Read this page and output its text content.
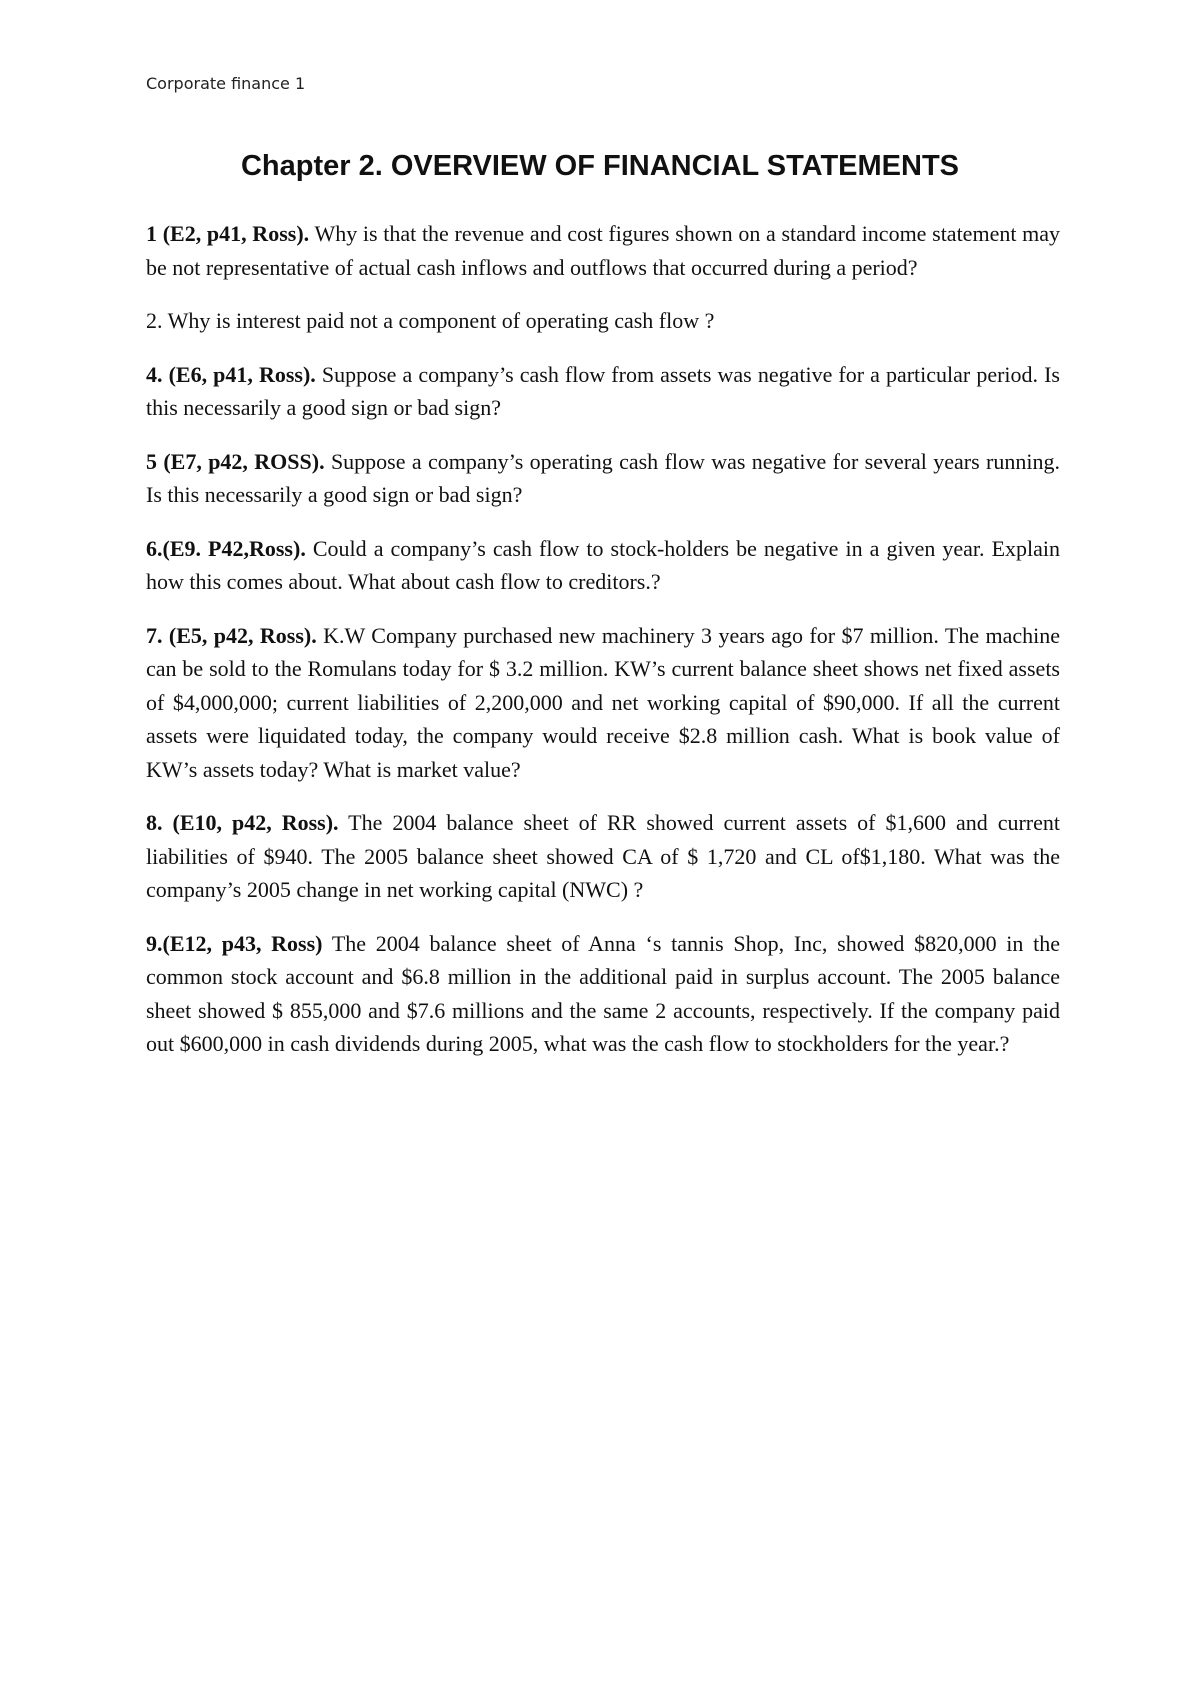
Corporate finance 1
Chapter 2. OVERVIEW OF FINANCIAL STATEMENTS

1 (E2, p41, Ross). Why is that the revenue and cost figures shown on a standard income statement may be not representative of actual cash inflows and outflows that occurred during a period?

2. Why is interest paid not a component of operating cash flow ?

4. (E6, p41, Ross). Suppose a company’s cash flow from assets was negative for a particular period. Is this necessarily a good sign or bad sign?

5 (E7, p42, ROSS). Suppose a company’s operating cash flow was negative for several years running. Is this necessarily a good sign or bad sign?

6.(E9. P42,Ross). Could a company’s cash flow to stock-holders be negative in a given year. Explain how this comes about. What about cash flow to creditors.?

7. (E5, p42, Ross). K.W Company purchased new machinery 3 years ago for $7 million. The machine can be sold to the Romulans today for $ 3.2 million. KW’s current balance sheet shows net fixed assets of $4,000,000; current liabilities of 2,200,000 and net working capital of $90,000. If all the current assets were liquidated today, the company would receive $2.8 million cash. What is book value of KW’s assets today? What is market value?

8. (E10, p42, Ross). The 2004 balance sheet of RR showed current assets of $1,600 and current liabilities of $940. The 2005 balance sheet showed CA of $ 1,720 and CL of$1,180. What was the company’s 2005 change in net working capital (NWC) ?

9.(E12, p43, Ross) The 2004 balance sheet of Anna ‘s tannis Shop, Inc, showed $820,000 in the common stock account and $6.8 million in the additional paid in surplus account. The 2005 balance sheet showed $ 855,000 and $7.6 millions and the same 2 accounts, respectively. If the company paid out $600,000 in cash dividends during 2005, what was the cash flow to stockholders for the year.?
